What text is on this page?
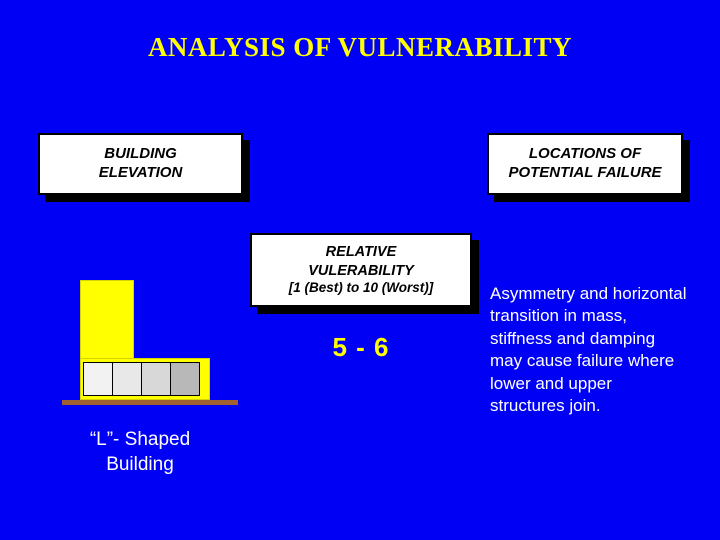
ANALYSIS OF VULNERABILITY
BUILDING
ELEVATION
LOCATIONS OF
POTENTIAL FAILURE
RELATIVE
VULERABILITY
[1 (Best) to 10 (Worst)]
5 - 6
Asymmetry and horizontal transition in mass, stiffness and damping may cause failure where lower and upper structures join.
“L”- Shaped
Building
